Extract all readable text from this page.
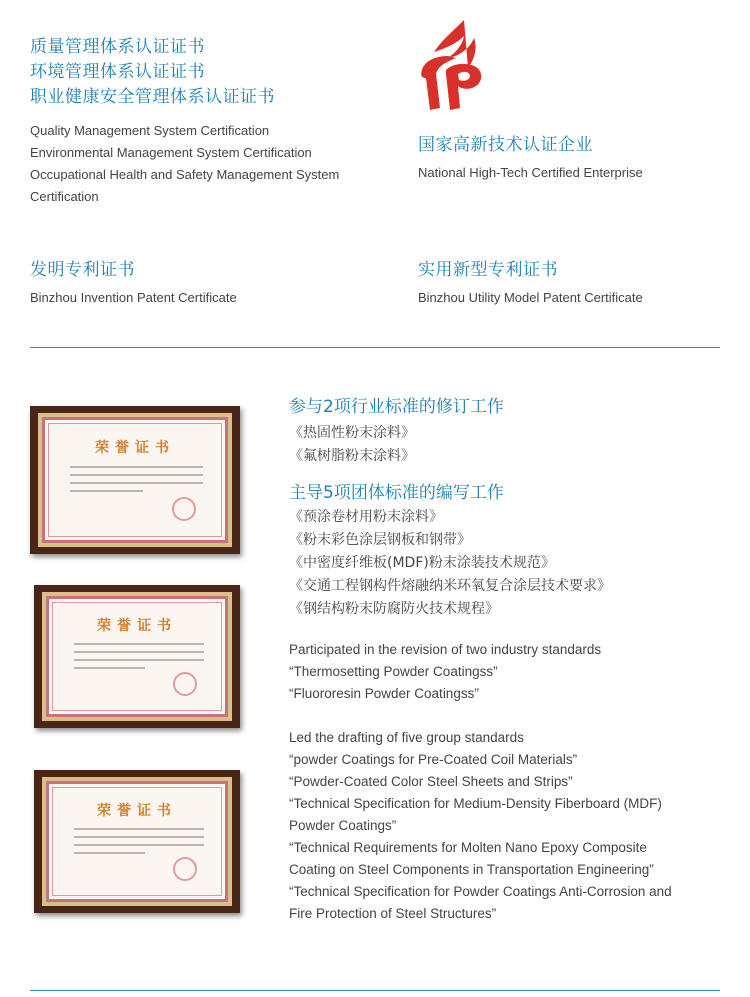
质量管理体系认证证书
环境管理体系认证证书
职业健康安全管理体系认证证书
Quality Management System Certification
Environmental Management System Certification
Occupational Health and Safety Management System
Certification
国家高新技术认证企业
National High-Tech Certified Enterprise
发明专利证书
Binzhou Invention Patent Certificate
实用新型专利证书
Binzhou Utility Model Patent Certificate
荣誉证书
荣誉证书
荣誉证书
参与2项行业标准的修订工作
《热固性粉末涂料》
《氟树脂粉末涂料》
主导5项团体标准的编写工作
《预涂卷材用粉末涂料》
《粉末彩色涂层钢板和钢带》
《中密度纤维板(MDF)粉末涂装技术规范》
《交通工程钢构件熔融纳米环氧复合涂层技术要求》
《钢结构粉末防腐防火技术规程》
Participated in the revision of two industry standards
“Thermosetting Powder Coatingss”
“Fluororesin Powder Coatingss”
Led the drafting of five group standards
“powder Coatings for Pre-Coated Coil Materials”
“Powder-Coated Color Steel Sheets and Strips”
“Technical Specification for Medium-Density Fiberboard (MDF)
Powder Coatings”
“Technical Requirements for Molten Nano Epoxy Composite
Coating on Steel Components in Transportation Engineering”
“Technical Specification for Powder Coatings Anti-Corrosion and
Fire Protection of Steel Structures”
